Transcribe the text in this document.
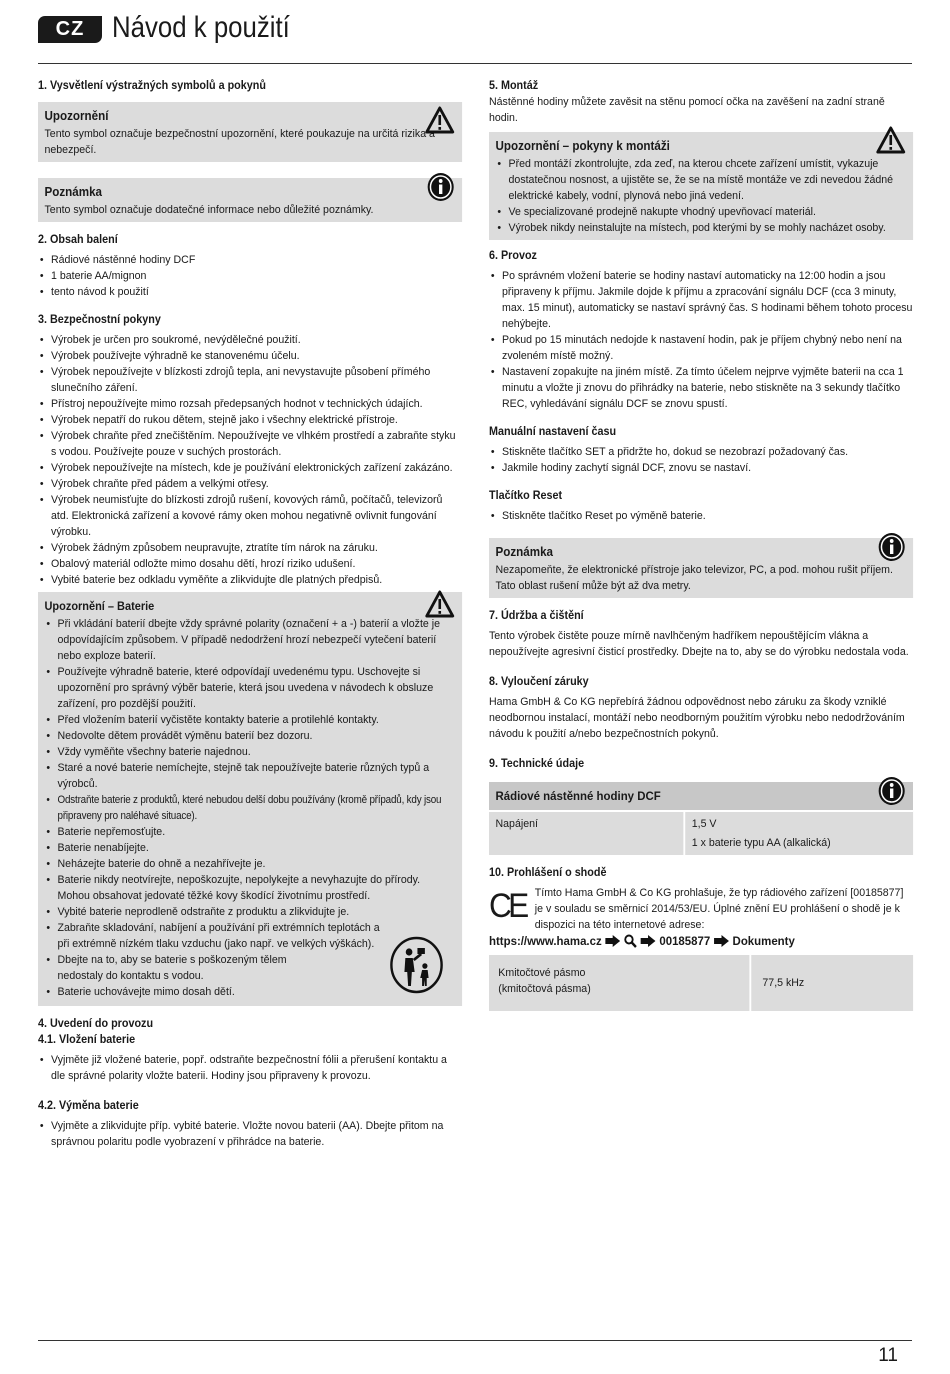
CZ Návod k použití
1. Vysvětlení výstražných symbolů a pokynů
Upozornění

Tento symbol označuje bezpečnostní upozornění, které poukazuje na určitá rizika a nebezpečí.

Poznámka

Tento symbol označuje dodatečné informace nebo důležité poznámky.

2. Obsah balení
• Rádiové nástěnné hodiny DCF
• 1 baterie AA/mignon
• tento návod k použití
3. Bezpečnostní pokyny
• Výrobek je určen pro soukromé, nevýdělečné použití.
• Výrobek používejte výhradně ke stanovenému účelu.
• Výrobek nepoužívejte v blízkosti zdrojů tepla, ani nevystavujte působení přímého slunečního záření.
• Přístroj nepoužívejte mimo rozsah předepsaných hodnot v technických údajích.
• Výrobek nepatří do rukou dětem, stejně jako i všechny elektrické přístroje.
• Výrobek chraňte před znečištěním. Nepoužívejte ve vlhkém prostředí a zabraňte styku s vodou. Používejte pouze v suchých prostorách.
• Výrobek nepoužívejte na místech, kde je používání elektronických zařízení zakázáno.
• Výrobek chraňte před pádem a velkými otřesy.
• Výrobek neumisťujte do blízkosti zdrojů rušení, kovových rámů, počítačů, televizorů atd. Elektronická zařízení a kovové rámy oken mohou negativně ovlivnit fungování výrobku.
• Výrobek žádným způsobem neupravujte, ztratíte tím nárok na záruku.
• Obalový materiál odložte mimo dosahu dětí, hrozí riziko udušení.
• Vybité baterie bez odkladu vyměňte a zlikvidujte dle platných předpisů.
Upozornění – Baterie
• Při vkládání baterií dbejte vždy správné polarity (označení + a -) baterií a vložte je odpovídajícím způsobem. V případě nedodržení hrozí nebezpečí vytečení baterií nebo exploze baterií.
• Používejte výhradně baterie, které odpovídají uvedenému typu. Uschovejte si upozornění pro správný výběr baterie, která jsou uvedena v návodech k obsluze zařízení, pro pozdější použití.
• Před vložením baterií vyčistěte kontakty baterie a protilehlé kontakty.
• Nedovolte dětem provádět výměnu baterií bez dozoru.
• Vždy vyměňte všechny baterie najednou.
• Staré a nové baterie nemíchejte, stejně tak nepoužívejte baterie různých typů a výrobců.
• Odstraňte baterie z produktů, které nebudou delší dobu používány (kromě případů, kdy jsou připraveny pro naléhavé situace).
• Baterie nepřemosťujte.
• Baterie nenabíjejte.
• Neházejte baterie do ohně a nezahřívejte je.
• Baterie nikdy neotvírejte, nepoškozujte, nepolykejte a nevyhazujte do přírody. Mohou obsahovat jedovaté těžké kovy škodící životnímu prostředí.
• Vybité baterie neprodleně odstraňte z produktu a zlikvidujte je.
• Zabraňte skladování, nabíjení a používání při extrémních teplotách a při extrémně nízkém tlaku vzduchu (jako např. ve velkých výškách).
• Dbejte na to, aby se baterie s poškozeným tělem nedostaly do kontaktu s vodou.
• Baterie uchovávejte mimo dosah dětí.
4. Uvedení do provozu
4.1. Vložení baterie
• Vyjměte již vložené baterie, popř. odstraňte bezpečnostní fólii a přerušení kontaktu a dle správné polarity vložte baterii. Hodiny jsou připraveny k provozu.
4.2. Výměna baterie
• Vyjměte a zlikvidujte příp. vybité baterie. Vložte novou baterii (AA). Dbejte přitom na správnou polaritu podle vyobrazení v přihrádce na baterie.
5. Montáž

Nástěnné hodiny můžete zavěsit na stěnu pomocí očka na zavěšení na zadní straně hodin.

Upozornění – pokyny k montáži
• Před montáží zkontrolujte, zda zeď, na kterou chcete zařízení umístit, vykazuje dostatečnou nosnost, a ujistěte se, že se na místě montáže ve zdi nevedou žádné elektrické kabely, vodní, plynová nebo jiná vedení.
• Ve specializované prodejně nakupte vhodný upevňovací materiál.
• Výrobek nikdy neinstalujte na místech, pod kterými by se mohly nacházet osoby.
6. Provoz
• Po správném vložení baterie se hodiny nastaví automaticky na 12:00 hodin a jsou připraveny k příjmu. Jakmile dojde k příjmu a zpracování signálu DCF (cca 3 minuty, max. 15 minut), automaticky se nastaví správný čas. S hodinami během tohoto procesu nehýbejte.
• Pokud po 15 minutách nedojde k nastavení hodin, pak je příjem chybný nebo není na zvoleném místě možný.
• Nastavení zopakujte na jiném místě. Za tímto účelem nejprve vyjměte baterii na cca 1 minutu a vložte ji znovu do přihrádky na baterie, nebo stiskněte na 3 sekundy tlačítko REC, vyhledávání signálu DCF se znovu spustí.
Manuální nastavení času
• Stiskněte tlačítko SET a přidržte ho, dokud se nezobrazí požadovaný čas.
• Jakmile hodiny zachytí signál DCF, znovu se nastaví.
Tlačítko Reset
• Stiskněte tlačítko Reset po výměně baterie.
Poznámka

Nezapomeňte, že elektronické přístroje jako televizor, PC, a pod. mohou rušit příjem. Tato oblast rušení může být až dva metry.

7. Údržba a čištění

Tento výrobek čistěte pouze mírně navlhčeným hadříkem nepouštějícím vlákna a nepoužívejte agresivní čisticí prostředky. Dbejte na to, aby se do výrobku nedostala voda.

8. Vyloučení záruky

Hama GmbH & Co KG nepřebírá žádnou odpovědnost nebo záruku za škody vzniklé neodbornou instalací, montáží nebo neodborným použitím výrobku nebo nedodržováním návodu k použití a/nebo bezpečnostních pokynů.

9. Technické údaje
Rádiové nástěnné hodiny DCF

Napájení	1,5 V
1 x baterie typu AA (alkalická)
10. Prohlášení o shodě
CE Tímto Hama GmbH & Co KG prohlašuje, že typ rádiového zařízení [00185877] je v souladu se směrnicí 2014/53/EU. Úplné znění EU prohlášení o shodě je k dispozici na této internetové adrese:

https://www.hama.cz	00185877 Dokumenty
Kmitočtové pásmo
(kmitočtová pásma)	77,5 kHz
11
